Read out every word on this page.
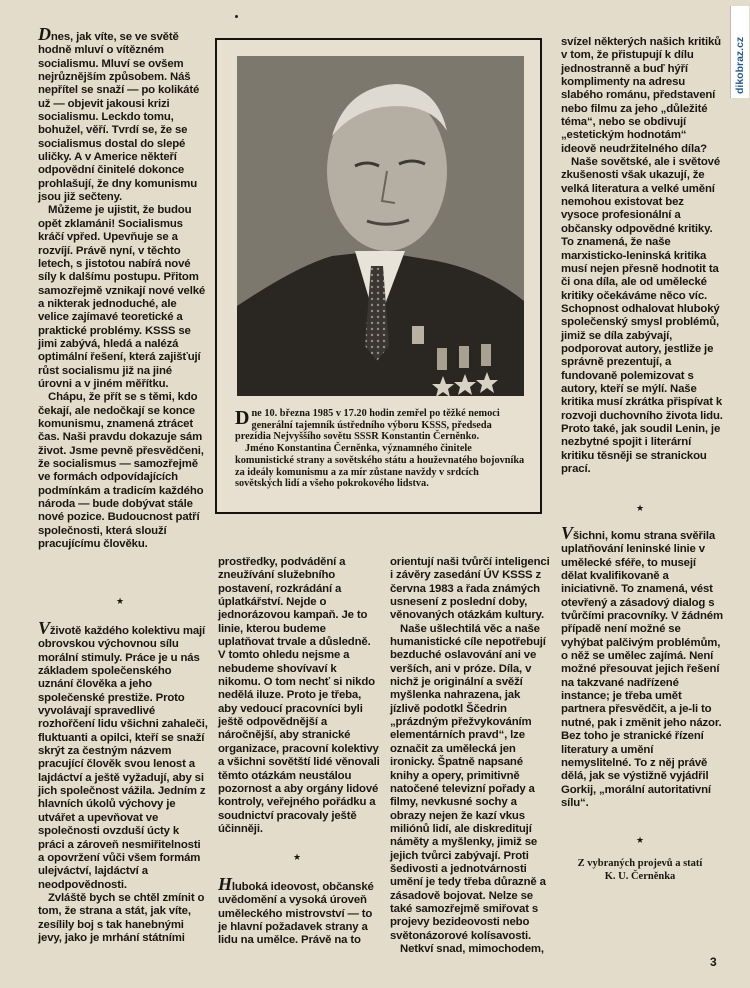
dikobraz.cz

Dnes, jak víte, se ve světě hodně mluví o vítězném socialismu. Mluví se ovšem nejrůznějším způsobem. Náš nepřítel se snaží — po kolikáté už — objevit jakousi krizi socialismu. Leckdo tomu, bohužel, věří. Tvrdí se, že se socialismus dostal do slepé uličky. A v Americe někteří odpovědní činitelé dokonce prohlašují, že dny komunismu jsou již sečteny.

Můžeme je ujistit, že budou opět zklamáni! Socialismus kráčí vpřed. Upevňuje se a rozvíjí. Právě nyní, v těchto letech, s jistotou nabírá nové síly k dalšímu postupu. Přitom samozřejmě vznikají nové velké a nikterak jednoduché, ale velice zajímavé teoretické a praktické problémy. KSSS se jimi zabývá, hledá a nalézá optimální řešení, která zajišťují růst socialismu již na jiné úrovni a v jiném měřítku.

Chápu, že přít se s těmi, kdo čekají, ale nedočkají se konce komunismu, znamená ztrácet čas. Naši pravdu dokazuje sám život. Jsme pevně přesvědčeni, že socialismus — samozřejmě ve formách odpovídajících podmínkám a tradicím každého národa — bude dobývat stále nové pozice. Budoucnost patří společnosti, která slouží pracujícímu člověku.

★

Vživotě každého kolektivu mají obrovskou výchovnou sílu morální stimuly. Práce je u nás základem společenského uznání člověka a jeho společenské prestiže. Proto vyvolávají spravedlivé rozhořčení lidu všichni zahaleči, fluktuanti a opilci, kteří se snaží skrýt za čestným názvem pracující člověk svou lenost a lajdáctví a ještě vyžadují, aby si jich společnost vážila. Jedním z hlavních úkolů výchovy je utvářet a upevňovat ve společnosti ovzduší úcty k práci a zároveň nesmiřitelnosti a opovržení vůči všem formám ulejváctví, lajdáctví a neodpovědnosti.

Zvláště bych se chtěl zmínit o tom, že strana a stát, jak víte, zesílily boj s tak hanebnými jevy, jako je mrhání státními

Dne 10. března 1985 v 17.20 hodin zemřel po těžké nemoci generální tajemník ústředního výboru KSSS, předseda prezídia Nejvyššího sovětu SSSR Konstantin Černěnko.

Jméno Konstantina Černěnka, významného činitele komunistické strany a sovětského státu a houževnatého bojovníka za ideály komunismu a za mír zůstane navždy v srdcích sovětských lidí a všeho pokrokového lidstva.

prostředky, podvádění a zneužívání služebního postavení, rozkrádání a úplatkářství. Nejde o jednorázovou kampaň. Je to linie, kterou budeme uplatňovat trvale a důsledně. V tomto ohledu nejsme a nebudeme shovívaví k nikomu. O tom nechť si nikdo nedělá iluze. Proto je třeba, aby vedoucí pracovníci byli ještě odpovědnější a náročnější, aby stranické organizace, pracovní kolektivy a všichni sovětští lidé věnovali těmto otázkám neustálou pozornost a aby orgány lidové kontroly, veřejného pořádku a soudnictví pracovaly ještě účinněji.

★

Hluboká ideovost, občanské uvědomění a vysoká úroveň uměleckého mistrovství — to je hlavní požadavek strany a lidu na umělce. Právě na to

orientují naši tvůrčí inteligenci i závěry zasedání ÚV KSSS z června 1983 a řada známých usnesení z poslední doby, věnovaných otázkám kultury.

Naše ušlechtilá věc a naše humanistické cíle nepotřebují bezduché oslavování ani ve verších, ani v próze. Díla, v nichž je originální a svěží myšlenka nahrazena, jak jízlivě podotkl Ščedrin „prázdným přežvykováním elementárních pravd“, lze označit za umělecká jen ironicky. Špatně napsané knihy a opery, primitivně natočené televizní pořady a filmy, nevkusné sochy a obrazy nejen že kazí vkus miliónů lidí, ale diskreditují náměty a myšlenky, jimiž se jejich tvůrci zabývají. Proti šedivosti a jednotvárnosti umění je tedy třeba důrazně a zásadově bojovat. Nelze se také samozřejmě smiřovat s projevy bezideovosti nebo světonázorové kolísavosti.

Netkví snad, mimochodem,

svízel některých našich kritiků v tom, že přistupují k dílu jednostranně a buď hýří komplimenty na adresu slabého románu, představení nebo filmu za jeho „důležité téma“, nebo se obdivují „estetickým hodnotám“ ideově neudržitelného díla?

Naše sovětské, ale i světové zkušenosti však ukazují, že velká literatura a velké umění nemohou existovat bez vysoce profesionální a občansky odpovědné kritiky. To znamená, že naše marxisticko-leninská kritika musí nejen přesně hodnotit ta či ona díla, ale od umělecké kritiky očekáváme něco víc. Schopnost odhalovat hluboký společenský smysl problémů, jimiž se díla zabývají, podporovat autory, jestliže je správně prezentují, a fundovaně polemizovat s autory, kteří se mýlí. Naše kritika musí zkrátka přispívat k rozvoji duchovního života lidu. Proto také, jak soudil Lenin, je nezbytné spojit i literární kritiku těsněji se stranickou prací.

★

Všichni, komu strana svěřila uplatňování leninské linie v umělecké sféře, to musejí dělat kvalifikovaně a iniciativně. To znamená, vést otevřený a zásadový dialog s tvůrčími pracovníky. V žádném případě není možné se vyhýbat palčivým problémům, o něž se umělec zajímá. Není možné přesouvat jejich řešení na takzvané nadřízené instance; je třeba umět partnera přesvědčit, a je-li to nutné, pak i změnit jeho názor. Bez toho je stranické řízení literatury a umění nemyslitelné. To z něj právě dělá, jak se výstižně vyjádřil Gorkij, „morální autoritativní sílu“.

★
Z vybraných projevů a statí
K. U. Černěnka
3
